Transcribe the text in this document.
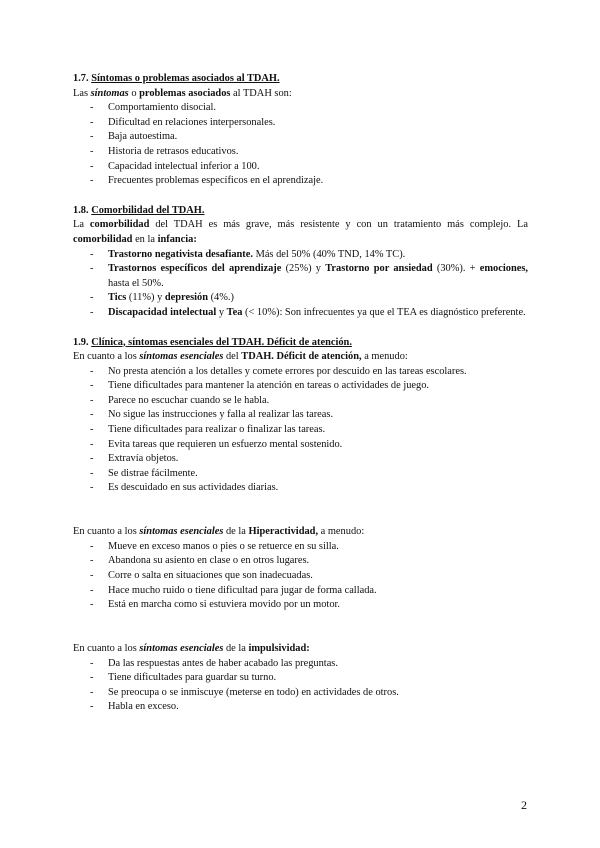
1.7. Síntomas o problemas asociados al TDAH.

Las síntomas o problemas asociados al TDAH son:

- Comportamiento disocial.
- Dificultad en relaciones interpersonales.
- Baja autoestima.
- Historia de retrasos educativos.
- Capacidad intelectual inferior a 100.
- Frecuentes problemas específicos en el aprendizaje.

1.8. Comorbilidad del TDAH.

La comorbilidad del TDAH es más grave, más resistente y con un tratamiento más complejo. La comorbilidad en la infancia:

- Trastorno negativista desafiante. Más del 50% (40% TND, 14% TC).
- Trastornos específicos del aprendizaje (25%) y Trastorno por ansiedad (30%). + emociones, hasta el 50%.
- Tics (11%) y depresión (4%.)
- Discapacidad intelectual y Tea (< 10%): Son infrecuentes ya que el TEA es diagnóstico preferente.

1.9. Clínica, síntomas esenciales del TDAH. Déficit de atención.

En cuanto a los síntomas esenciales del TDAH. Déficit de atención, a menudo:

- No presta atención a los detalles y comete errores por descuido en las tareas escolares.
- Tiene dificultades para mantener la atención en tareas o actividades de juego.
- Parece no escuchar cuando se le habla.
- No sigue las instrucciones y falla al realizar las tareas.
- Tiene dificultades para realizar o finalizar las tareas.
- Evita tareas que requieren un esfuerzo mental sostenido.
- Extravía objetos.
- Se distrae fácilmente.
- Es descuidado en sus actividades diarias.

En cuanto a los síntomas esenciales de la Hiperactividad, a menudo:

- Mueve en exceso manos o pies o se retuerce en su silla.
- Abandona su asiento en clase o en otros lugares.
- Corre o salta en situaciones que son inadecuadas.
- Hace mucho ruido o tiene dificultad para jugar de forma callada.
- Está en marcha como si estuviera movido por un motor.

En cuanto a los síntomas esenciales de la impulsividad:

- Da las respuestas antes de haber acabado las preguntas.
- Tiene dificultades para guardar su turno.
- Se preocupa o se inmiscuye (meterse en todo) en actividades de otros.
- Habla en exceso.
2
